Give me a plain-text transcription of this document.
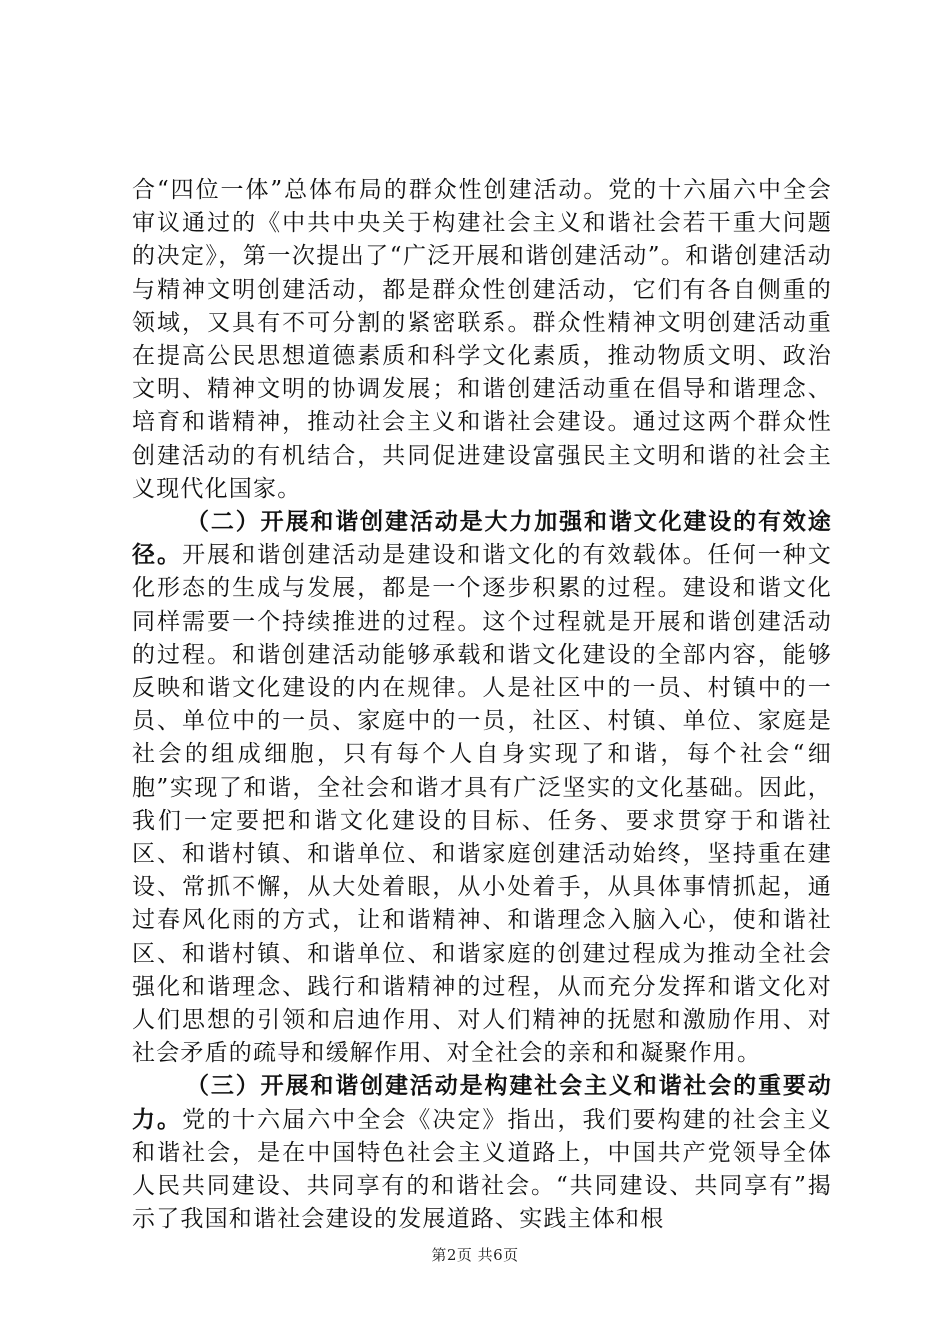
合“四位一体”总体布局的群众性创建活动。党的十六届六中全会审议通过的《中共中央关于构建社会主义和谐社会若干重大问题的决定》，第一次提出了“广泛开展和谐创建活动”。和谐创建活动与精神文明创建活动，都是群众性创建活动，它们有各自侧重的领域，又具有不可分割的紧密联系。群众性精神文明创建活动重在提高公民思想道德素质和科学文化素质，推动物质文明、政治文明、精神文明的协调发展；和谐创建活动重在倡导和谐理念、培育和谐精神，推动社会主义和谐社会建设。通过这两个群众性创建活动的有机结合，共同促进建设富强民主文明和谐的社会主义现代化国家。

（二）开展和谐创建活动是大力加强和谐文化建设的有效途径。开展和谐创建活动是建设和谐文化的有效载体。任何一种文化形态的生成与发展，都是一个逐步积累的过程。建设和谐文化同样需要一个持续推进的过程。这个过程就是开展和谐创建活动的过程。和谐创建活动能够承载和谐文化建设的全部内容，能够反映和谐文化建设的内在规律。人是社区中的一员、村镇中的一员、单位中的一员、家庭中的一员，社区、村镇、单位、家庭是社会的组成细胞，只有每个人自身实现了和谐，每个社会“细胞”实现了和谐，全社会和谐才具有广泛坚实的文化基础。因此，我们一定要把和谐文化建设的目标、任务、要求贯穿于和谐社区、和谐村镇、和谐单位、和谐家庭创建活动始终，坚持重在建设、常抓不懈，从大处着眼，从小处着手，从具体事情抓起，通过春风化雨的方式，让和谐精神、和谐理念入脑入心，使和谐社区、和谐村镇、和谐单位、和谐家庭的创建过程成为推动全社会强化和谐理念、践行和谐精神的过程，从而充分发挥和谐文化对人们思想的引领和启迪作用、对人们精神的抚慰和激励作用、对社会矛盾的疏导和缓解作用、对全社会的亲和和凝聚作用。

（三）开展和谐创建活动是构建社会主义和谐社会的重要动力。党的十六届六中全会《决定》指出，我们要构建的社会主义和谐社会，是在中国特色社会主义道路上，中国共产党领导全体人民共同建设、共同享有的和谐社会。“共同建设、共同享有”揭示了我国和谐社会建设的发展道路、实践主体和根

第2页 共6页
